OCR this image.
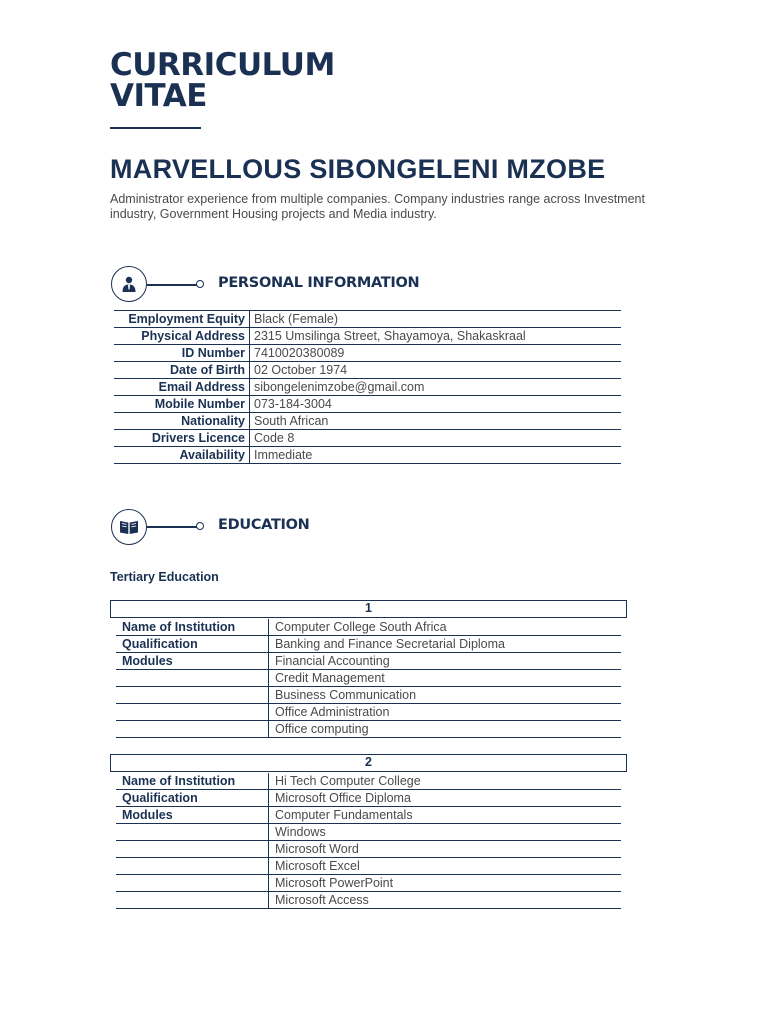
CURRICULUM
VITAE
MARVELLOUS SIBONGELENI MZOBE
Administrator experience from multiple companies. Company industries range across Investment industry, Government Housing projects and Media industry.
PERSONAL INFORMATION
Employment Equity	Black (Female)
Physical Address	2315 Umsilinga Street, Shayamoya, Shakaskraal
ID Number	7410020380089
Date of Birth	02 October 1974
Email Address	sibongelenimzobe@gmail.com
Mobile Number	073-184-3004
Nationality	South African
Drivers Licence	Code 8
Availability	Immediate
EDUCATION
Tertiary Education
1
Name of Institution	Computer College South Africa
Qualification	Banking and Finance Secretarial Diploma
Modules	Financial Accounting
	Credit Management
	Business Communication
	Office Administration
	Office computing
2
Name of Institution	Hi Tech Computer College
Qualification	Microsoft Office Diploma
Modules	Computer Fundamentals
	Windows
	Microsoft Word
	Microsoft Excel
	Microsoft PowerPoint
	Microsoft Access
